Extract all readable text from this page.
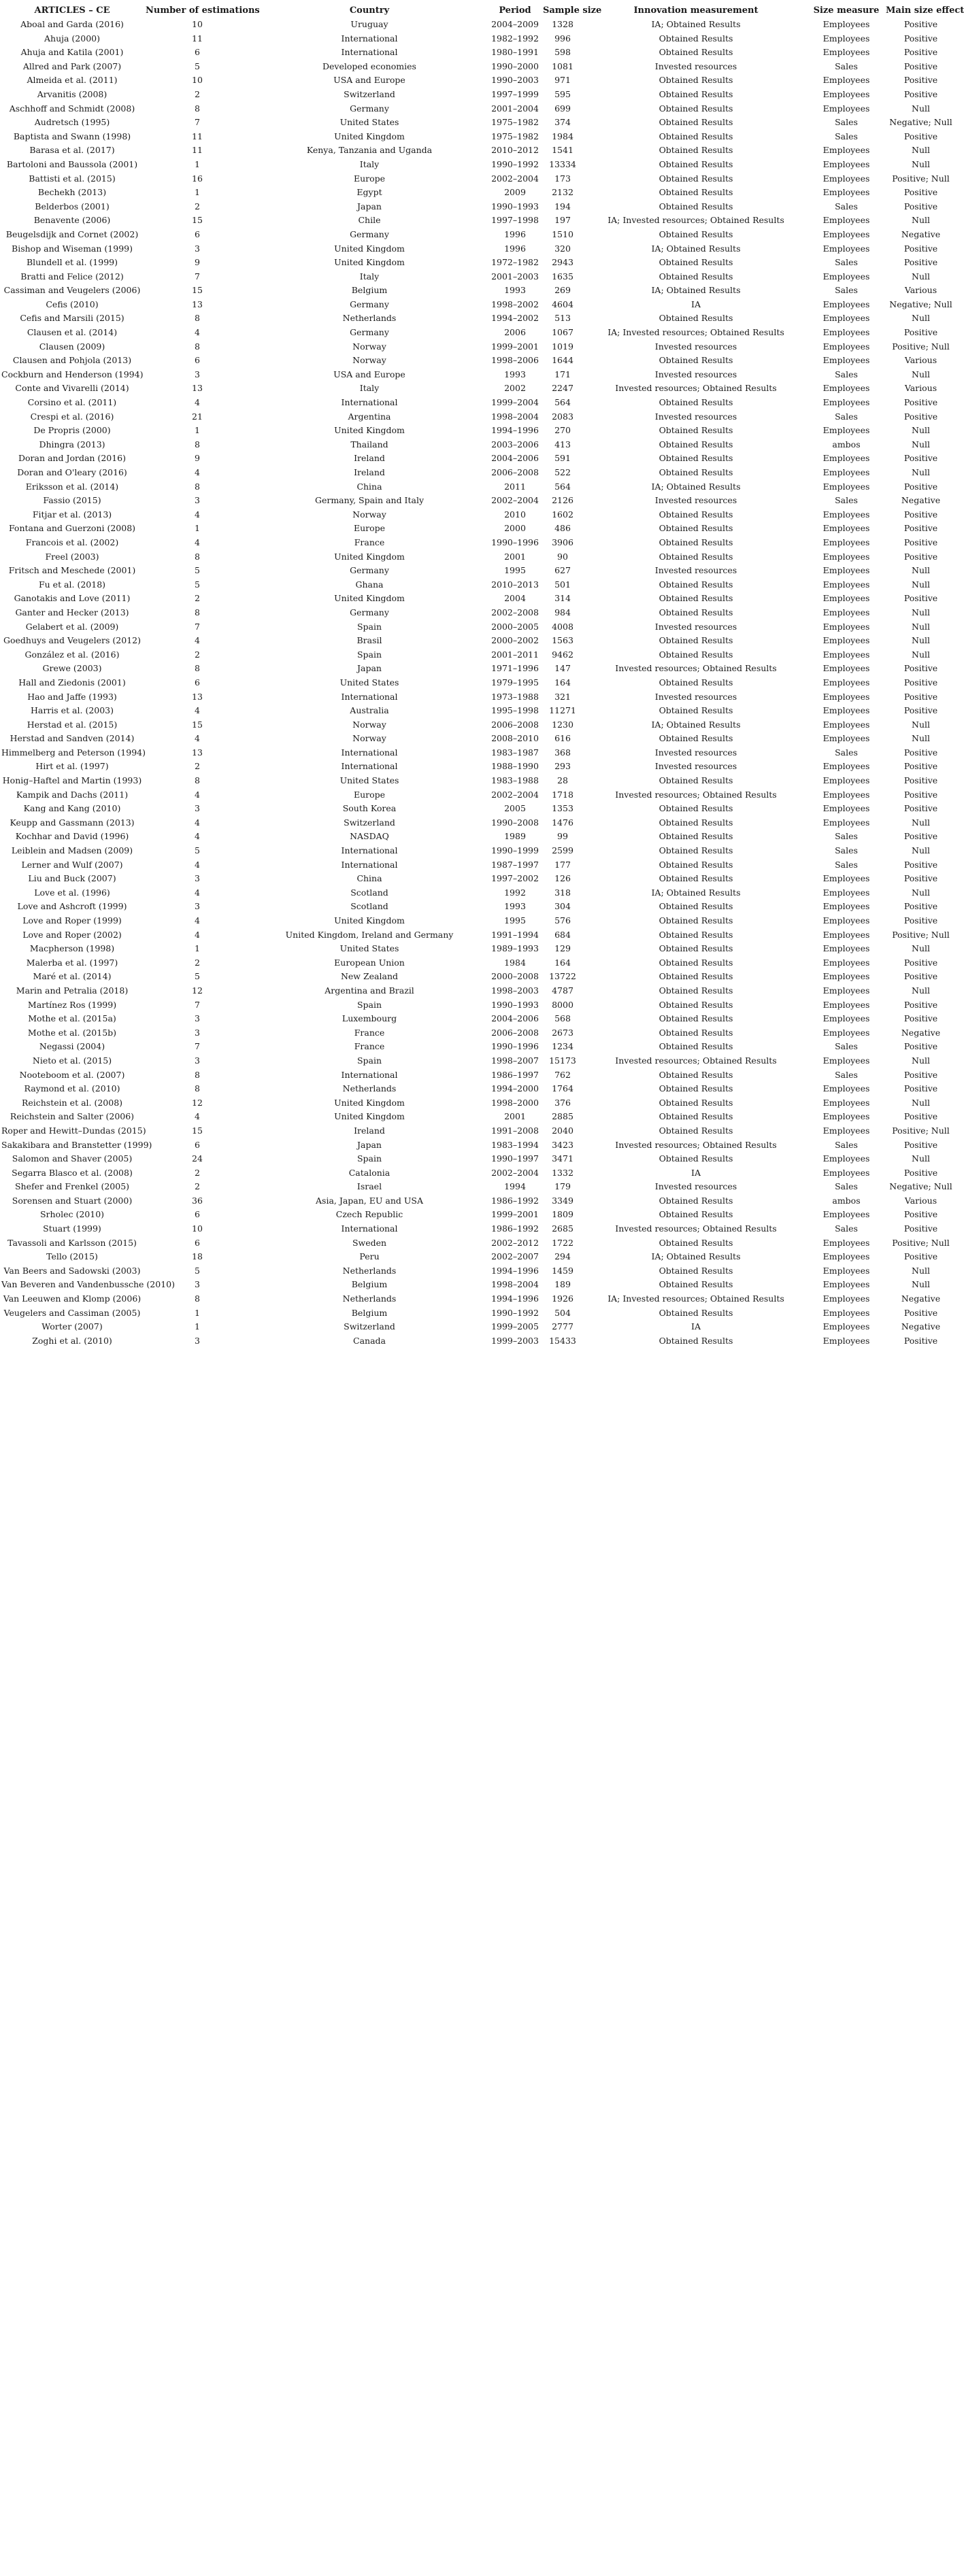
ARTICLES – CE	Number of estimations	Country	Period	Sample size	Innovation measurement	Size measure	Main size effect
Aboal and Garda (2016)	10	Uruguay	2004–2009	1328	IA; Obtained Results	Employees	Positive
Ahuja (2000)	11	International	1982–1992	996	Obtained Results	Employees	Positive
Ahuja and Katila (2001)	6	International	1980–1991	598	Obtained Results	Employees	Positive
Allred and Park (2007)	5	Developed economies	1990–2000	1081	Invested resources	Sales	Positive
Almeida et al. (2011)	10	USA and Europe	1990–2003	971	Obtained Results	Employees	Positive
Arvanitis (2008)	2	Switzerland	1997–1999	595	Obtained Results	Employees	Positive
Aschhoff and Schmidt (2008)	8	Germany	2001–2004	699	Obtained Results	Employees	Null
Audretsch (1995)	7	United States	1975–1982	374	Obtained Results	Sales	Negative; Null
Baptista and Swann (1998)	11	United Kingdom	1975–1982	1984	Obtained Results	Sales	Positive
Barasa et al. (2017)	11	Kenya, Tanzania and Uganda	2010–2012	1541	Obtained Results	Employees	Null
Bartoloni and Baussola (2001)	1	Italy	1990–1992	13334	Obtained Results	Employees	Null
Battisti et al. (2015)	16	Europe	2002–2004	173	Obtained Results	Employees	Positive; Null
Bechekh (2013)	1	Egypt	2009	2132	Obtained Results	Employees	Positive
Belderbos (2001)	2	Japan	1990–1993	194	Obtained Results	Sales	Positive
Benavente (2006)	15	Chile	1997–1998	197	IA; Invested resources; Obtained Results	Employees	Null
Beugelsdijk and Cornet (2002)	6	Germany	1996	1510	Obtained Results	Employees	Negative
Bishop and Wiseman (1999)	3	United Kingdom	1996	320	IA; Obtained Results	Employees	Positive
Blundell et al. (1999)	9	United Kingdom	1972–1982	2943	Obtained Results	Sales	Positive
Bratti and Felice (2012)	7	Italy	2001–2003	1635	Obtained Results	Employees	Null
Cassiman and Veugelers (2006)	15	Belgium	1993	269	IA; Obtained Results	Sales	Various
Cefis (2010)	13	Germany	1998–2002	4604	IA	Employees	Negative; Null
Cefis and Marsili (2015)	8	Netherlands	1994–2002	513	Obtained Results	Employees	Null
Clausen et al. (2014)	4	Germany	2006	1067	IA; Invested resources; Obtained Results	Employees	Positive
Clausen (2009)	8	Norway	1999–2001	1019	Invested resources	Employees	Positive; Null
Clausen and Pohjola (2013)	6	Norway	1998–2006	1644	Obtained Results	Employees	Various
Cockburn and Henderson (1994)	3	USA and Europe	1993	171	Invested resources	Sales	Null
Conte and Vivarelli (2014)	13	Italy	2002	2247	Invested resources; Obtained Results	Employees	Various
Corsino et al. (2011)	4	International	1999–2004	564	Obtained Results	Employees	Positive
Crespi et al. (2016)	21	Argentina	1998–2004	2083	Invested resources	Sales	Positive
De Propris (2000)	1	United Kingdom	1994–1996	270	Obtained Results	Employees	Null
Dhingra (2013)	8	Thailand	2003–2006	413	Obtained Results	ambos	Null
Doran and Jordan (2016)	9	Ireland	2004–2006	591	Obtained Results	Employees	Positive
Doran and O'leary (2016)	4	Ireland	2006–2008	522	Obtained Results	Employees	Null
Eriksson et al. (2014)	8	China	2011	564	IA; Obtained Results	Employees	Positive
Fassio (2015)	3	Germany, Spain and Italy	2002–2004	2126	Invested resources	Sales	Negative
Fitjar et al. (2013)	4	Norway	2010	1602	Obtained Results	Employees	Positive
Fontana and Guerzoni (2008)	1	Europe	2000	486	Obtained Results	Employees	Positive
Francois et al. (2002)	4	France	1990–1996	3906	Obtained Results	Employees	Positive
Freel (2003)	8	United Kingdom	2001	90	Obtained Results	Employees	Positive
Fritsch and Meschede (2001)	5	Germany	1995	627	Invested resources	Employees	Null
Fu et al. (2018)	5	Ghana	2010–2013	501	Obtained Results	Employees	Null
Ganotakis and Love (2011)	2	United Kingdom	2004	314	Obtained Results	Employees	Positive
Ganter and Hecker (2013)	8	Germany	2002–2008	984	Obtained Results	Employees	Null
Gelabert et al. (2009)	7	Spain	2000–2005	4008	Invested resources	Employees	Null
Goedhuys and Veugelers (2012)	4	Brasil	2000–2002	1563	Obtained Results	Employees	Null
González et al. (2016)	2	Spain	2001–2011	9462	Obtained Results	Employees	Null
Grewe (2003)	8	Japan	1971–1996	147	Invested resources; Obtained Results	Employees	Positive
Hall and Ziedonis (2001)	6	United States	1979–1995	164	Obtained Results	Employees	Positive
Hao and Jaffe (1993)	13	International	1973–1988	321	Invested resources	Employees	Positive
Harris et al. (2003)	4	Australia	1995–1998	11271	Obtained Results	Employees	Positive
Herstad et al. (2015)	15	Norway	2006–2008	1230	IA; Obtained Results	Employees	Null
Herstad and Sandven (2014)	4	Norway	2008–2010	616	Obtained Results	Employees	Null
Himmelberg and Peterson (1994)	13	International	1983–1987	368	Invested resources	Sales	Positive
Hirt et al. (1997)	2	International	1988–1990	293	Invested resources	Employees	Positive
Honig–Haftel and Martin (1993)	8	United States	1983–1988	28	Obtained Results	Employees	Positive
Kampik and Dachs (2011)	4	Europe	2002–2004	1718	Invested resources; Obtained Results	Employees	Positive
Kang and Kang (2010)	3	South Korea	2005	1353	Obtained Results	Employees	Positive
Keupp and Gassmann (2013)	4	Switzerland	1990–2008	1476	Obtained Results	Employees	Null
Kochhar and David (1996)	4	NASDAQ	1989	99	Obtained Results	Sales	Positive
Leiblein and Madsen (2009)	5	International	1990–1999	2599	Obtained Results	Sales	Null
Lerner and Wulf (2007)	4	International	1987–1997	177	Obtained Results	Sales	Positive
Liu and Buck (2007)	3	China	1997–2002	126	Obtained Results	Employees	Positive
Love et al. (1996)	4	Scotland	1992	318	IA; Obtained Results	Employees	Null
Love and Ashcroft (1999)	3	Scotland	1993	304	Obtained Results	Employees	Positive
Love and Roper (1999)	4	United Kingdom	1995	576	Obtained Results	Employees	Positive
Love and Roper (2002)	4	United Kingdom, Ireland and Germany	1991–1994	684	Obtained Results	Employees	Positive; Null
Macpherson (1998)	1	United States	1989–1993	129	Obtained Results	Employees	Null
Malerba et al. (1997)	2	European Union	1984	164	Obtained Results	Employees	Positive
Maré et al. (2014)	5	New Zealand	2000–2008	13722	Obtained Results	Employees	Positive
Marin and Petralia (2018)	12	Argentina and Brazil	1998–2003	4787	Obtained Results	Employees	Null
Martínez Ros (1999)	7	Spain	1990–1993	8000	Obtained Results	Employees	Positive
Mothe et al. (2015a)	3	Luxembourg	2004–2006	568	Obtained Results	Employees	Positive
Mothe et al. (2015b)	3	France	2006–2008	2673	Obtained Results	Employees	Negative
Negassi (2004)	7	France	1990–1996	1234	Obtained Results	Sales	Positive
Nieto et al. (2015)	3	Spain	1998–2007	15173	Invested resources; Obtained Results	Employees	Null
Nooteboom et al. (2007)	8	International	1986–1997	762	Obtained Results	Sales	Positive
Raymond et al. (2010)	8	Netherlands	1994–2000	1764	Obtained Results	Employees	Positive
Reichstein et al. (2008)	12	United Kingdom	1998–2000	376	Obtained Results	Employees	Null
Reichstein and Salter (2006)	4	United Kingdom	2001	2885	Obtained Results	Employees	Positive
Roper and Hewitt–Dundas (2015)	15	Ireland	1991–2008	2040	Obtained Results	Employees	Positive; Null
Sakakibara and Branstetter (1999)	6	Japan	1983–1994	3423	Invested resources; Obtained Results	Sales	Positive
Salomon and Shaver (2005)	24	Spain	1990–1997	3471	Obtained Results	Employees	Null
Segarra Blasco et al. (2008)	2	Catalonia	2002–2004	1332	IA	Employees	Positive
Shefer and Frenkel (2005)	2	Israel	1994	179	Invested resources	Sales	Negative; Null
Sorensen and Stuart (2000)	36	Asia, Japan, EU and USA	1986–1992	3349	Obtained Results	ambos	Various
Srholec (2010)	6	Czech Republic	1999–2001	1809	Obtained Results	Employees	Positive
Stuart (1999)	10	International	1986–1992	2685	Invested resources; Obtained Results	Sales	Positive
Tavassoli and Karlsson (2015)	6	Sweden	2002–2012	1722	Obtained Results	Employees	Positive; Null
Tello (2015)	18	Peru	2002–2007	294	IA; Obtained Results	Employees	Positive
Van Beers and Sadowski (2003)	5	Netherlands	1994–1996	1459	Obtained Results	Employees	Null
Van Beveren and Vandenbussche (2010)	3	Belgium	1998–2004	189	Obtained Results	Employees	Null
Van Leeuwen and Klomp (2006)	8	Netherlands	1994–1996	1926	IA; Invested resources; Obtained Results	Employees	Negative
Veugelers and Cassiman (2005)	1	Belgium	1990–1992	504	Obtained Results	Employees	Positive
Worter (2007)	1	Switzerland	1999–2005	2777	IA	Employees	Negative
Zoghi et al. (2010)	3	Canada	1999–2003	15433	Obtained Results	Employees	Positive
